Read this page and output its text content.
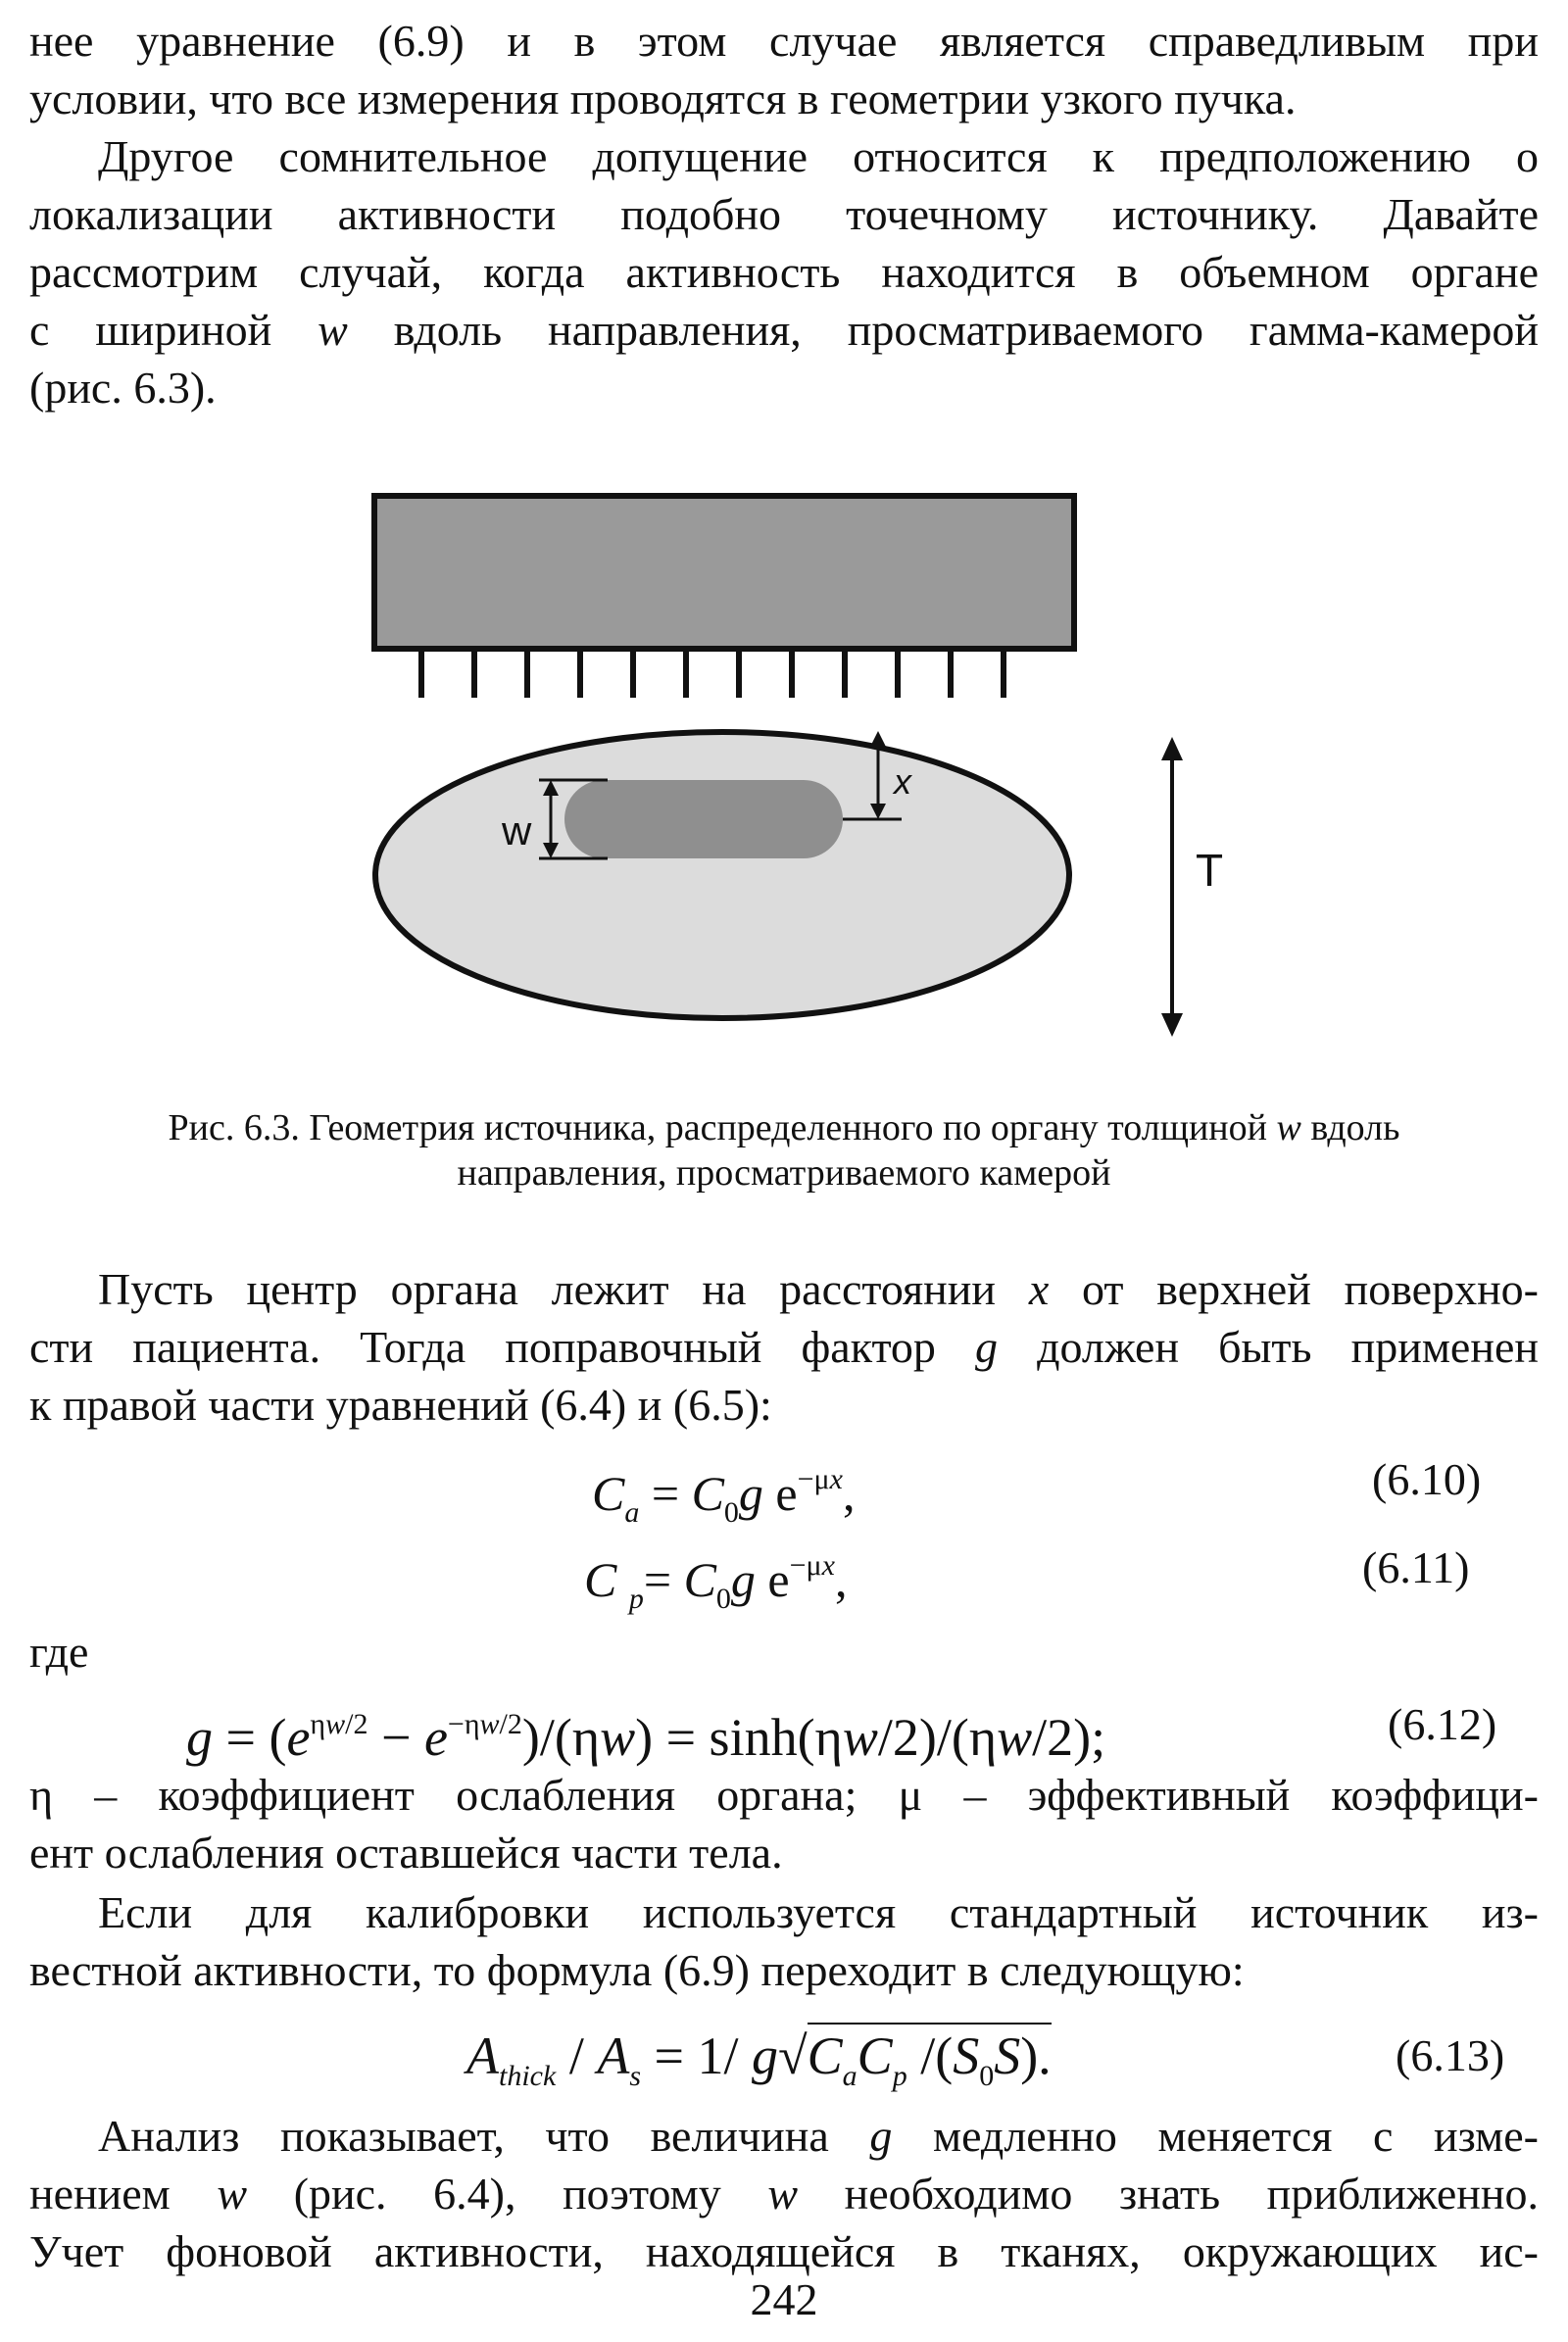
нее уравнение (6.9) и в этом случае является справедливым при
условии, что все измерения проводятся в геометрии узкого пучка.
Другое сомнительное допущение относится к предположению о
локализации активности подобно точечному источнику. Давайте
рассмотрим случай, когда активность находится в объемном органе
с шириной w вдоль направления, просматриваемого гамма-камерой
(рис. 6.3).
w
x
T
Рис. 6.3. Геометрия источника, распределенного по органу толщиной w вдоль
направления, просматриваемого камерой
Пусть центр органа лежит на расстоянии x от верхней поверхно-
сти пациента. Тогда поправочный фактор g должен быть применен
к правой части уравнений (6.4) и (6.5):
$C_a = C_0g$ $e^{-\mu x}$,	(6.10)
C $_p= C_0g$ $e^{-\mu x}$,	(6.11)
где
$g = (e^{\eta w/2} - e^{-\eta w/2})/(\eta w) = \sinh(\eta w/2)/(\eta w/2)$;	(6.12)
η – коэффициент ослабления органа; μ – эффективный коэффици-
ент ослабления оставшейся части тела.
Если для калибровки используется стандартный источник из-
вестной активности, то формула (6.9) переходит в следующую:
$A_{thick} / A_s = 1/$ $g√C_aC_p$ $/(S_0S)$.	(6.13)
Анализ показывает, что величина g медленно меняется с изме-
нением w (рис. 6.4), поэтому w необходимо знать приближенно.
Учет фоновой активности, находящейся в тканях, окружающих ис-
242
